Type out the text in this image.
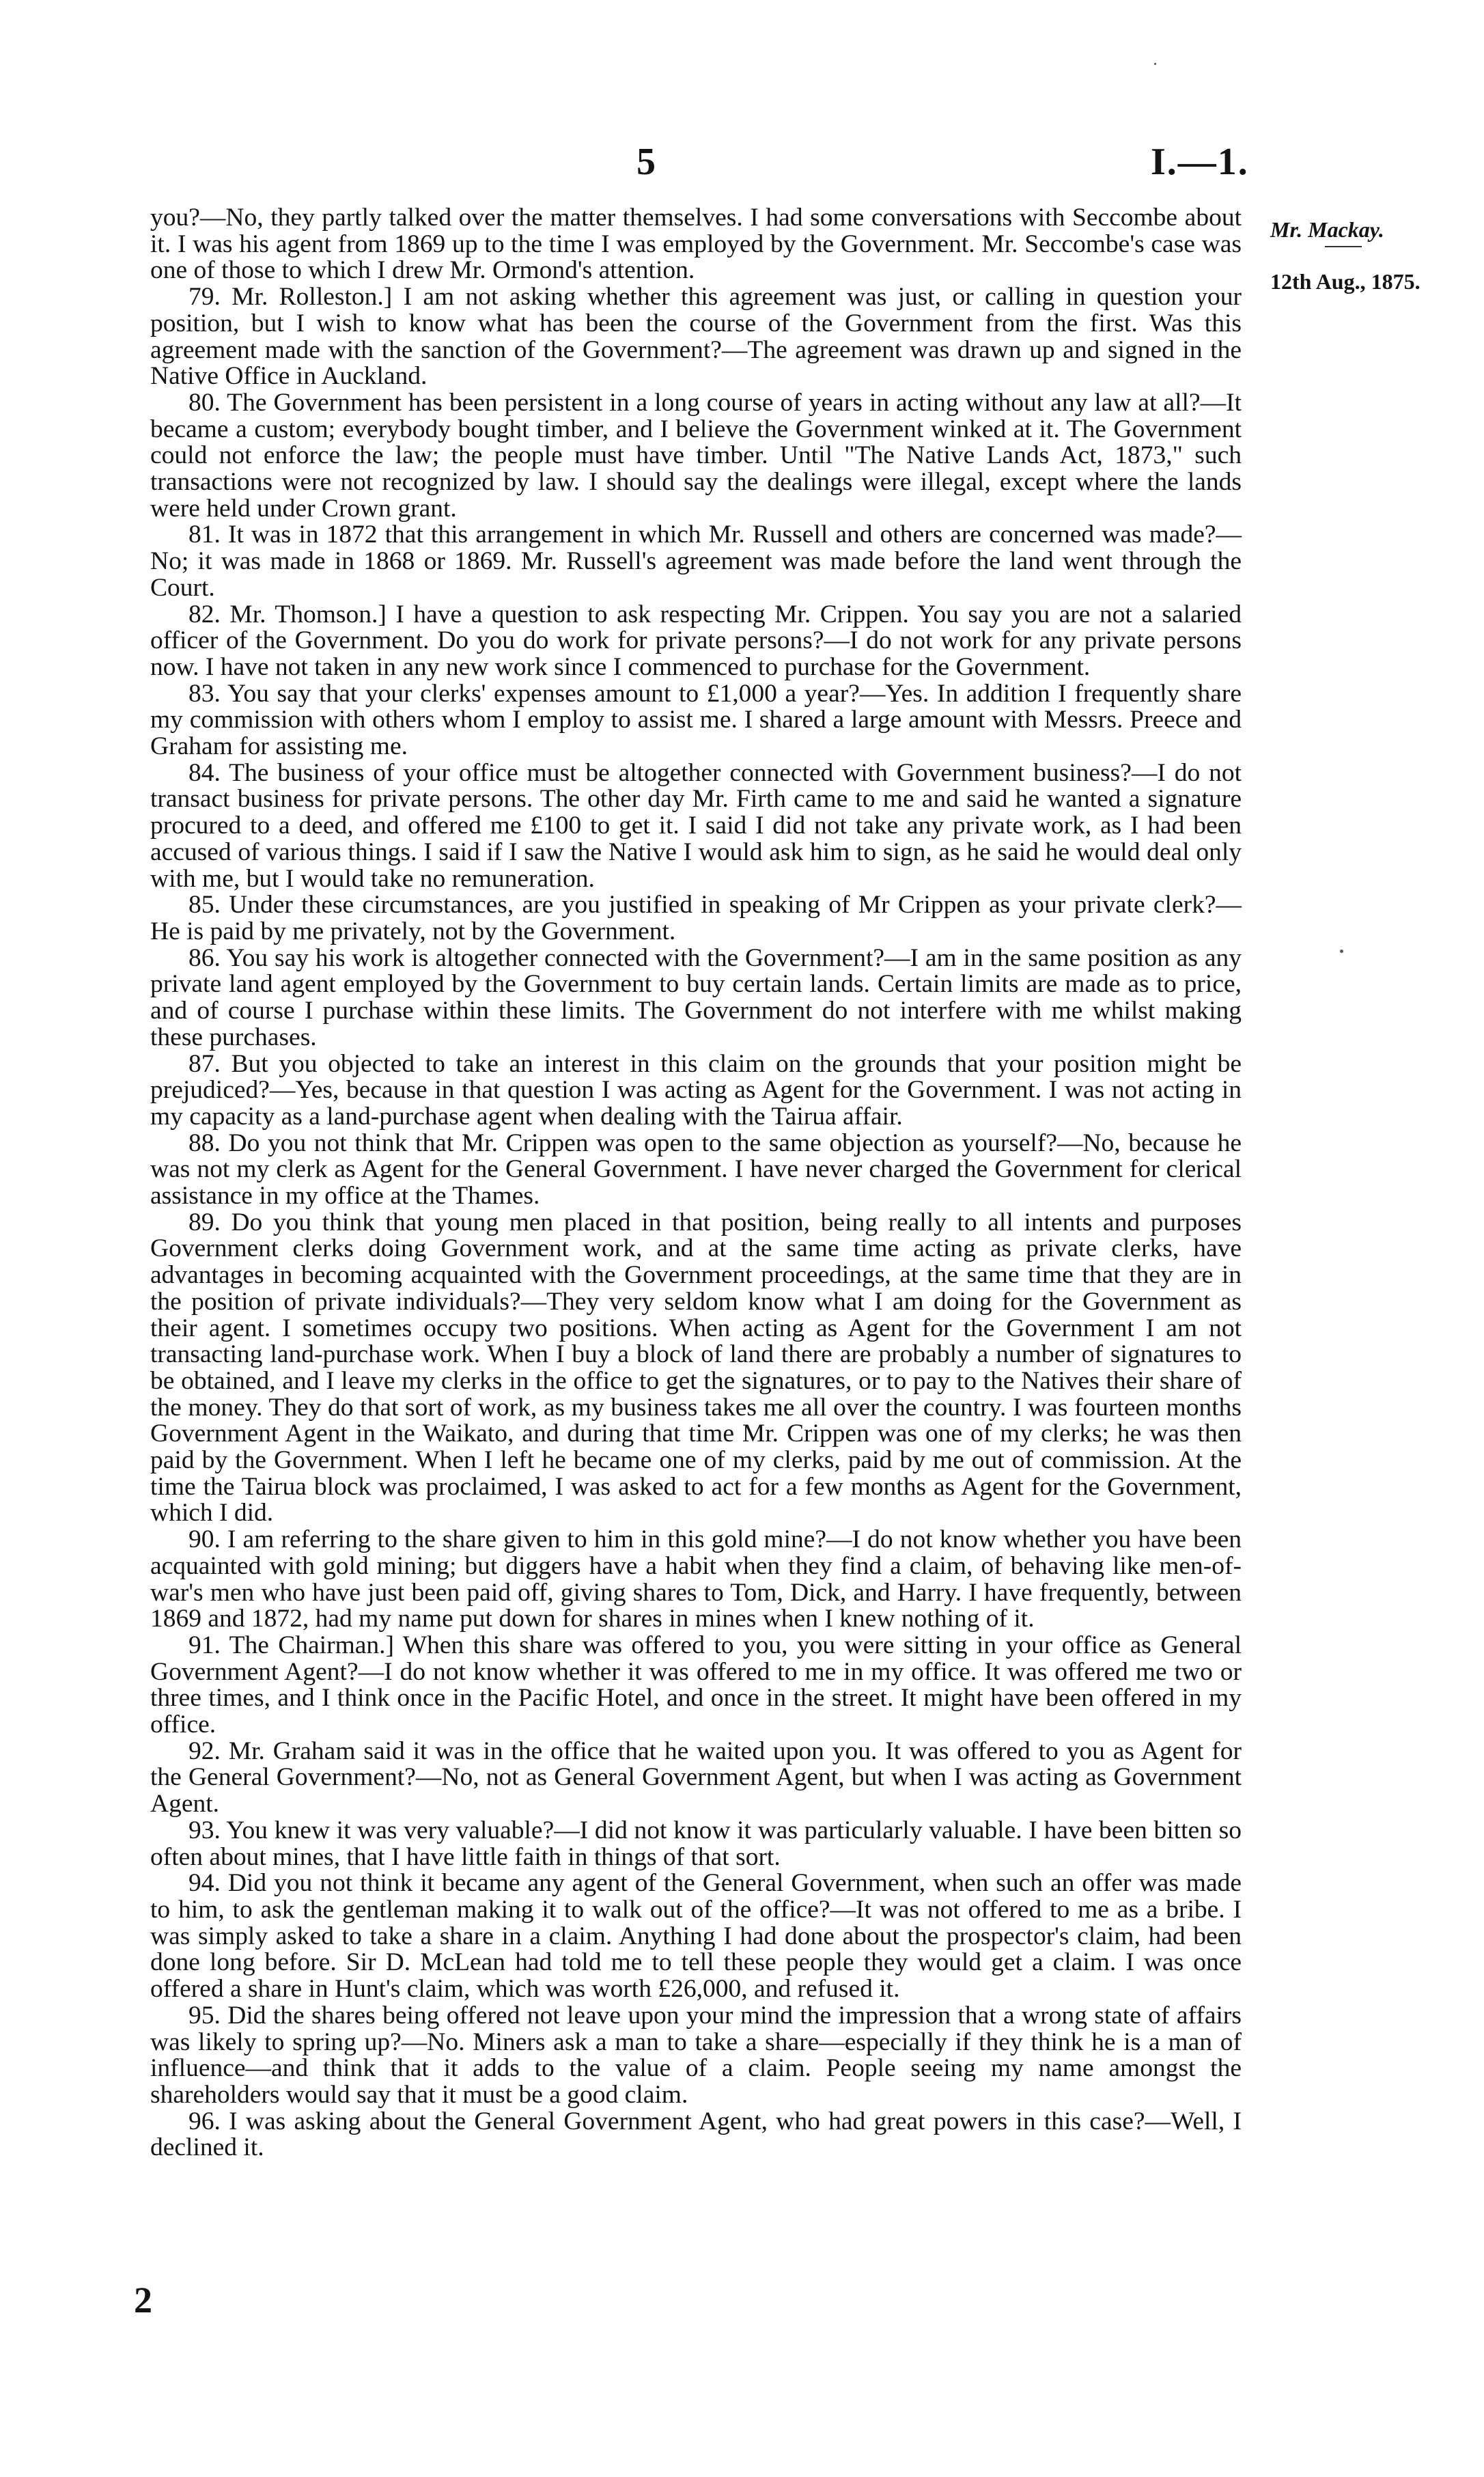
5	I.—1.
Mr. Mackay.
12th Aug., 1875.

you?—No, they partly talked over the matter themselves. I had some conversations with Seccombe about it. I was his agent from 1869 up to the time I was employed by the Government. Mr. Seccombe's case was one of those to which I drew Mr. Ormond's attention.

79. Mr. Rolleston.] I am not asking whether this agreement was just, or calling in question your position, but I wish to know what has been the course of the Government from the first. Was this agreement made with the sanction of the Government?—The agreement was drawn up and signed in the Native Office in Auckland.

80. The Government has been persistent in a long course of years in acting without any law at all?—It became a custom; everybody bought timber, and I believe the Government winked at it. The Government could not enforce the law; the people must have timber. Until "The Native Lands Act, 1873," such transactions were not recognized by law. I should say the dealings were illegal, except where the lands were held under Crown grant.

81. It was in 1872 that this arrangement in which Mr. Russell and others are concerned was made?—No; it was made in 1868 or 1869. Mr. Russell's agreement was made before the land went through the Court.

82. Mr. Thomson.] I have a question to ask respecting Mr. Crippen. You say you are not a salaried officer of the Government. Do you do work for private persons?—I do not work for any private persons now. I have not taken in any new work since I commenced to purchase for the Government.

83. You say that your clerks' expenses amount to £1,000 a year?—Yes. In addition I frequently share my commission with others whom I employ to assist me. I shared a large amount with Messrs. Preece and Graham for assisting me.

84. The business of your office must be altogether connected with Government business?—I do not transact business for private persons. The other day Mr. Firth came to me and said he wanted a signature procured to a deed, and offered me £100 to get it. I said I did not take any private work, as I had been accused of various things. I said if I saw the Native I would ask him to sign, as he said he would deal only with me, but I would take no remuneration.

85. Under these circumstances, are you justified in speaking of Mr Crippen as your private clerk?—He is paid by me privately, not by the Government.

86. You say his work is altogether connected with the Government?—I am in the same position as any private land agent employed by the Government to buy certain lands. Certain limits are made as to price, and of course I purchase within these limits. The Government do not interfere with me whilst making these purchases.

87. But you objected to take an interest in this claim on the grounds that your position might be prejudiced?—Yes, because in that question I was acting as Agent for the Government. I was not acting in my capacity as a land-purchase agent when dealing with the Tairua affair.

88. Do you not think that Mr. Crippen was open to the same objection as yourself?—No, because he was not my clerk as Agent for the General Government. I have never charged the Government for clerical assistance in my office at the Thames.

89. Do you think that young men placed in that position, being really to all intents and purposes Government clerks doing Government work, and at the same time acting as private clerks, have advantages in becoming acquainted with the Government proceedings, at the same time that they are in the position of private individuals?—They very seldom know what I am doing for the Government as their agent. I sometimes occupy two positions. When acting as Agent for the Government I am not transacting land-purchase work. When I buy a block of land there are probably a number of signatures to be obtained, and I leave my clerks in the office to get the signatures, or to pay to the Natives their share of the money. They do that sort of work, as my business takes me all over the country. I was fourteen months Government Agent in the Waikato, and during that time Mr. Crippen was one of my clerks; he was then paid by the Government. When I left he became one of my clerks, paid by me out of commission. At the time the Tairua block was proclaimed, I was asked to act for a few months as Agent for the Government, which I did.

90. I am referring to the share given to him in this gold mine?—I do not know whether you have been acquainted with gold mining; but diggers have a habit when they find a claim, of behaving like men-of-war's men who have just been paid off, giving shares to Tom, Dick, and Harry. I have frequently, between 1869 and 1872, had my name put down for shares in mines when I knew nothing of it.

91. The Chairman.] When this share was offered to you, you were sitting in your office as General Government Agent?—I do not know whether it was offered to me in my office. It was offered me two or three times, and I think once in the Pacific Hotel, and once in the street. It might have been offered in my office.

92. Mr. Graham said it was in the office that he waited upon you. It was offered to you as Agent for the General Government?—No, not as General Government Agent, but when I was acting as Government Agent.

93. You knew it was very valuable?—I did not know it was particularly valuable. I have been bitten so often about mines, that I have little faith in things of that sort.

94. Did you not think it became any agent of the General Government, when such an offer was made to him, to ask the gentleman making it to walk out of the office?—It was not offered to me as a bribe. I was simply asked to take a share in a claim. Anything I had done about the prospector's claim, had been done long before. Sir D. McLean had told me to tell these people they would get a claim. I was once offered a share in Hunt's claim, which was worth £26,000, and refused it.

95. Did the shares being offered not leave upon your mind the impression that a wrong state of affairs was likely to spring up?—No. Miners ask a man to take a share—especially if they think he is a man of influence—and think that it adds to the value of a claim. People seeing my name amongst the shareholders would say that it must be a good claim.

96. I was asking about the General Government Agent, who had great powers in this case?—Well, I declined it.

2
